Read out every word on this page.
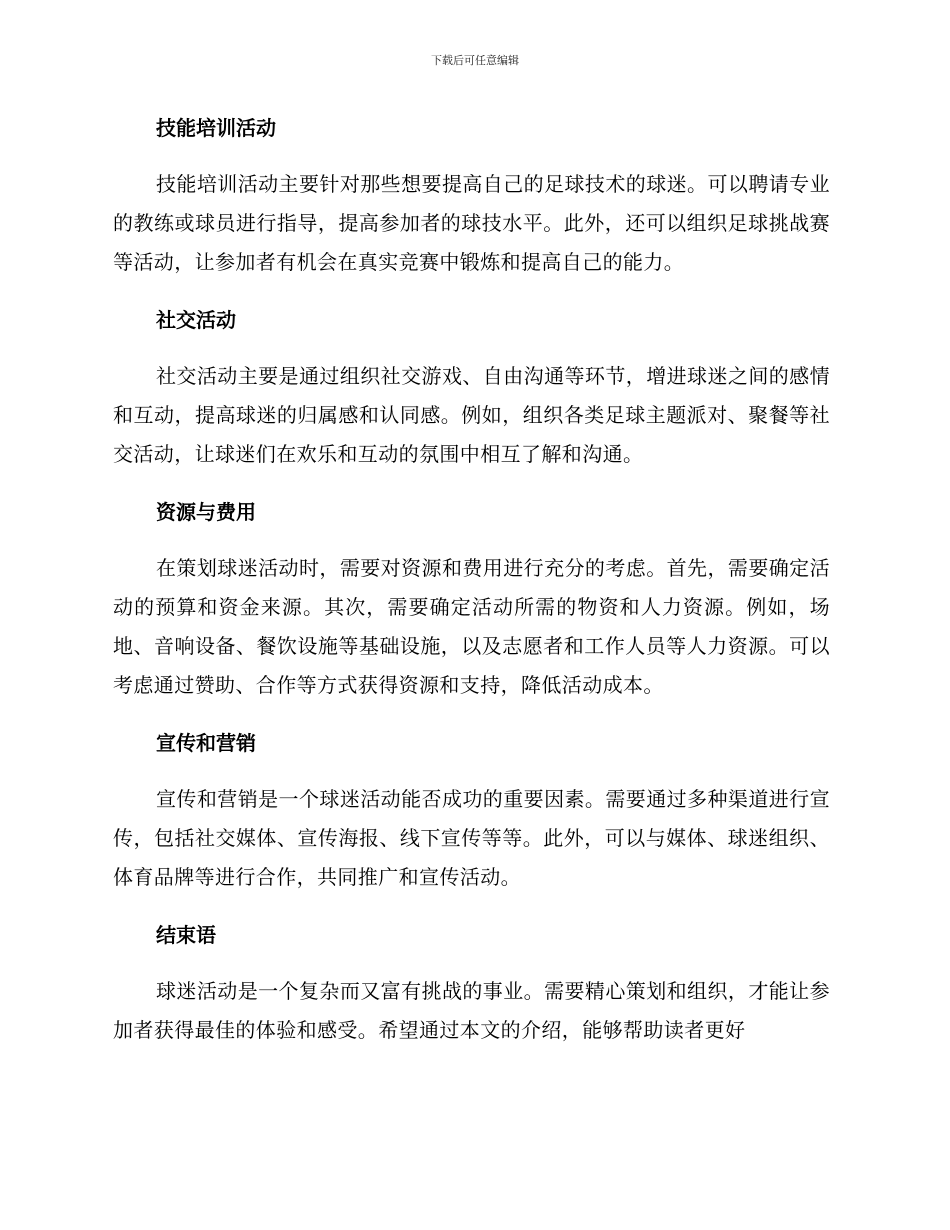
下载后可任意编辑
技能培训活动

技能培训活动主要针对那些想要提高自己的足球技术的球迷。可以聘请专业的教练或球员进行指导，提高参加者的球技水平。此外，还可以组织足球挑战赛等活动，让参加者有机会在真实竞赛中锻炼和提高自己的能力。

社交活动

社交活动主要是通过组织社交游戏、自由沟通等环节，增进球迷之间的感情和互动，提高球迷的归属感和认同感。例如，组织各类足球主题派对、聚餐等社交活动，让球迷们在欢乐和互动的氛围中相互了解和沟通。

资源与费用

在策划球迷活动时，需要对资源和费用进行充分的考虑。首先，需要确定活动的预算和资金来源。其次，需要确定活动所需的物资和人力资源。例如，场地、音响设备、餐饮设施等基础设施，以及志愿者和工作人员等人力资源。可以考虑通过赞助、合作等方式获得资源和支持，降低活动成本。

宣传和营销

宣传和营销是一个球迷活动能否成功的重要因素。需要通过多种渠道进行宣传，包括社交媒体、宣传海报、线下宣传等等。此外，可以与媒体、球迷组织、体育品牌等进行合作，共同推广和宣传活动。

结束语

球迷活动是一个复杂而又富有挑战的事业。需要精心策划和组织，才能让参加者获得最佳的体验和感受。希望通过本文的介绍，能够帮助读者更好
